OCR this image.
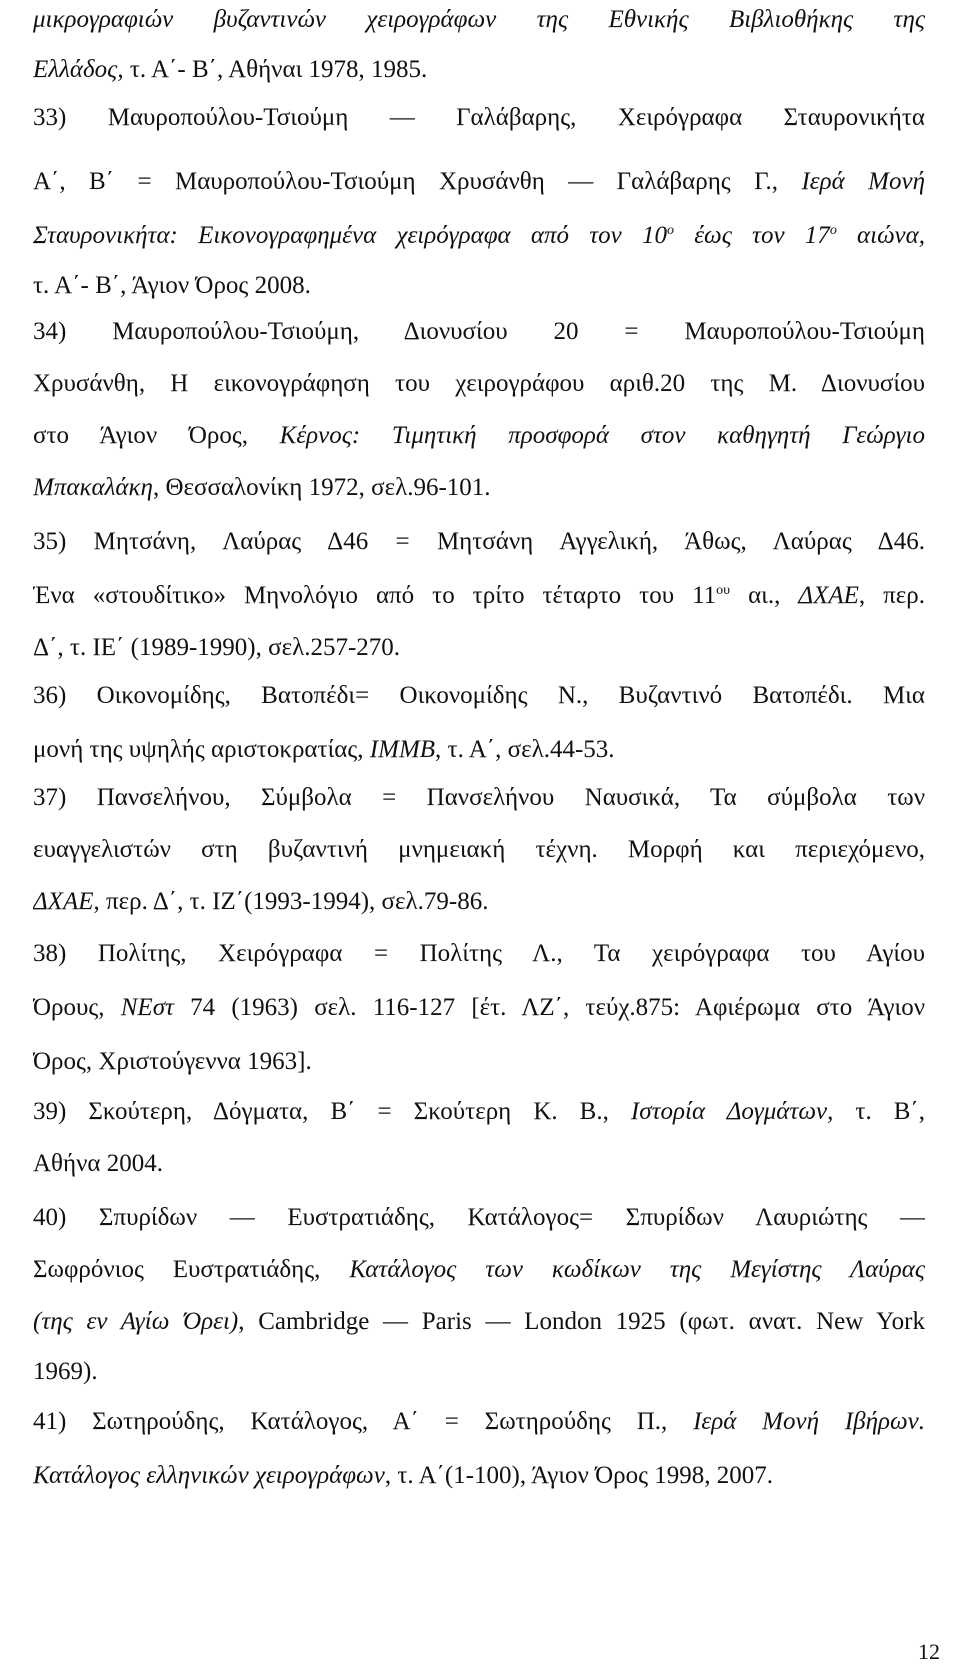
μικρογραφιών βυζαντινών χειρογράφων της Εθνικής Βιβλιοθήκης της
Ελλάδος, τ. Α΄- Β΄, Αθήναι 1978, 1985.
33) Μαυροπούλου-Τσιούμη — Γαλάβαρης, Χειρόγραφα Σταυρονικήτα
Α΄, Β΄ = Μαυροπούλου-Τσιούμη Χρυσάνθη — Γαλάβαρης Γ., Ιερά Μονή
Σταυρονικήτα: Εικονογραφημένα χειρόγραφα από τον $10^o$ έως τον $17^o$ αιώνα,
τ. Α΄- Β΄, Άγιον Όρος 2008.
34) Μαυροπούλου-Τσιούμη, Διονυσίου 20 = Μαυροπούλου-Τσιούμη
Χρυσάνθη, Η εικονογράφηση του χειρογράφου αριθ.20 της Μ. Διονυσίου
στο Άγιον Όρος, Κέρνος: Τιμητική προσφορά στον καθηγητή Γεώργιο
Μπακαλάκη, Θεσσαλονίκη 1972, σελ.96-101.
35) Μητσάνη, Λαύρας Δ46 = Μητσάνη Αγγελική, Άθως, Λαύρας Δ46.
Ένα «στουδίτικο» Μηνολόγιο από το τρίτο τέταρτο του $11^{o\upsilon}$ αι., ΔΧΑΕ, περ.
Δ΄, τ. ΙΕ΄ (1989-1990), σελ.257-270.
36) Οικονομίδης, Βατοπέδι= Οικονομίδης Ν., Βυζαντινό Βατοπέδι. Μια
μονή της υψηλής αριστοκρατίας, ΙΜΜΒ, τ. Α΄, σελ.44-53.
37) Πανσελήνου, Σύμβολα = Πανσελήνου Ναυσικά, Τα σύμβολα των
ευαγγελιστών στη βυζαντινή μνημειακή τέχνη. Μορφή και περιεχόμενο,
ΔΧΑΕ, περ. Δ΄, τ. ΙΖ΄(1993-1994), σελ.79-86.
38) Πολίτης, Χειρόγραφα = Πολίτης Λ., Τα χειρόγραφα του Αγίου
Όρους, ΝΕστ 74 (1963) σελ. 116-127 [έτ. ΛΖ΄, τεύχ.875: Αφιέρωμα στο Άγιον
Όρος, Χριστούγεννα 1963].
39) Σκούτερη, Δόγματα, Β΄ = Σκούτερη Κ. Β., Ιστορία Δογμάτων, τ. Β΄,
Αθήνα 2004.
40) Σπυρίδων — Ευστρατιάδης, Κατάλογος= Σπυρίδων Λαυριώτης —
Σωφρόνιος Ευστρατιάδης, Κατάλογος των κωδίκων της Μεγίστης Λαύρας
(της εν Αγίω Όρει), Cambridge — Paris — London 1925 (φωτ. ανατ. New York
1969).
41) Σωτηρούδης, Κατάλογος, Α΄ = Σωτηρούδης Π., Ιερά Μονή Ιβήρων.
Κατάλογος ελληνικών χειρογράφων, τ. Α΄(1-100), Άγιον Όρος 1998, 2007.
12
